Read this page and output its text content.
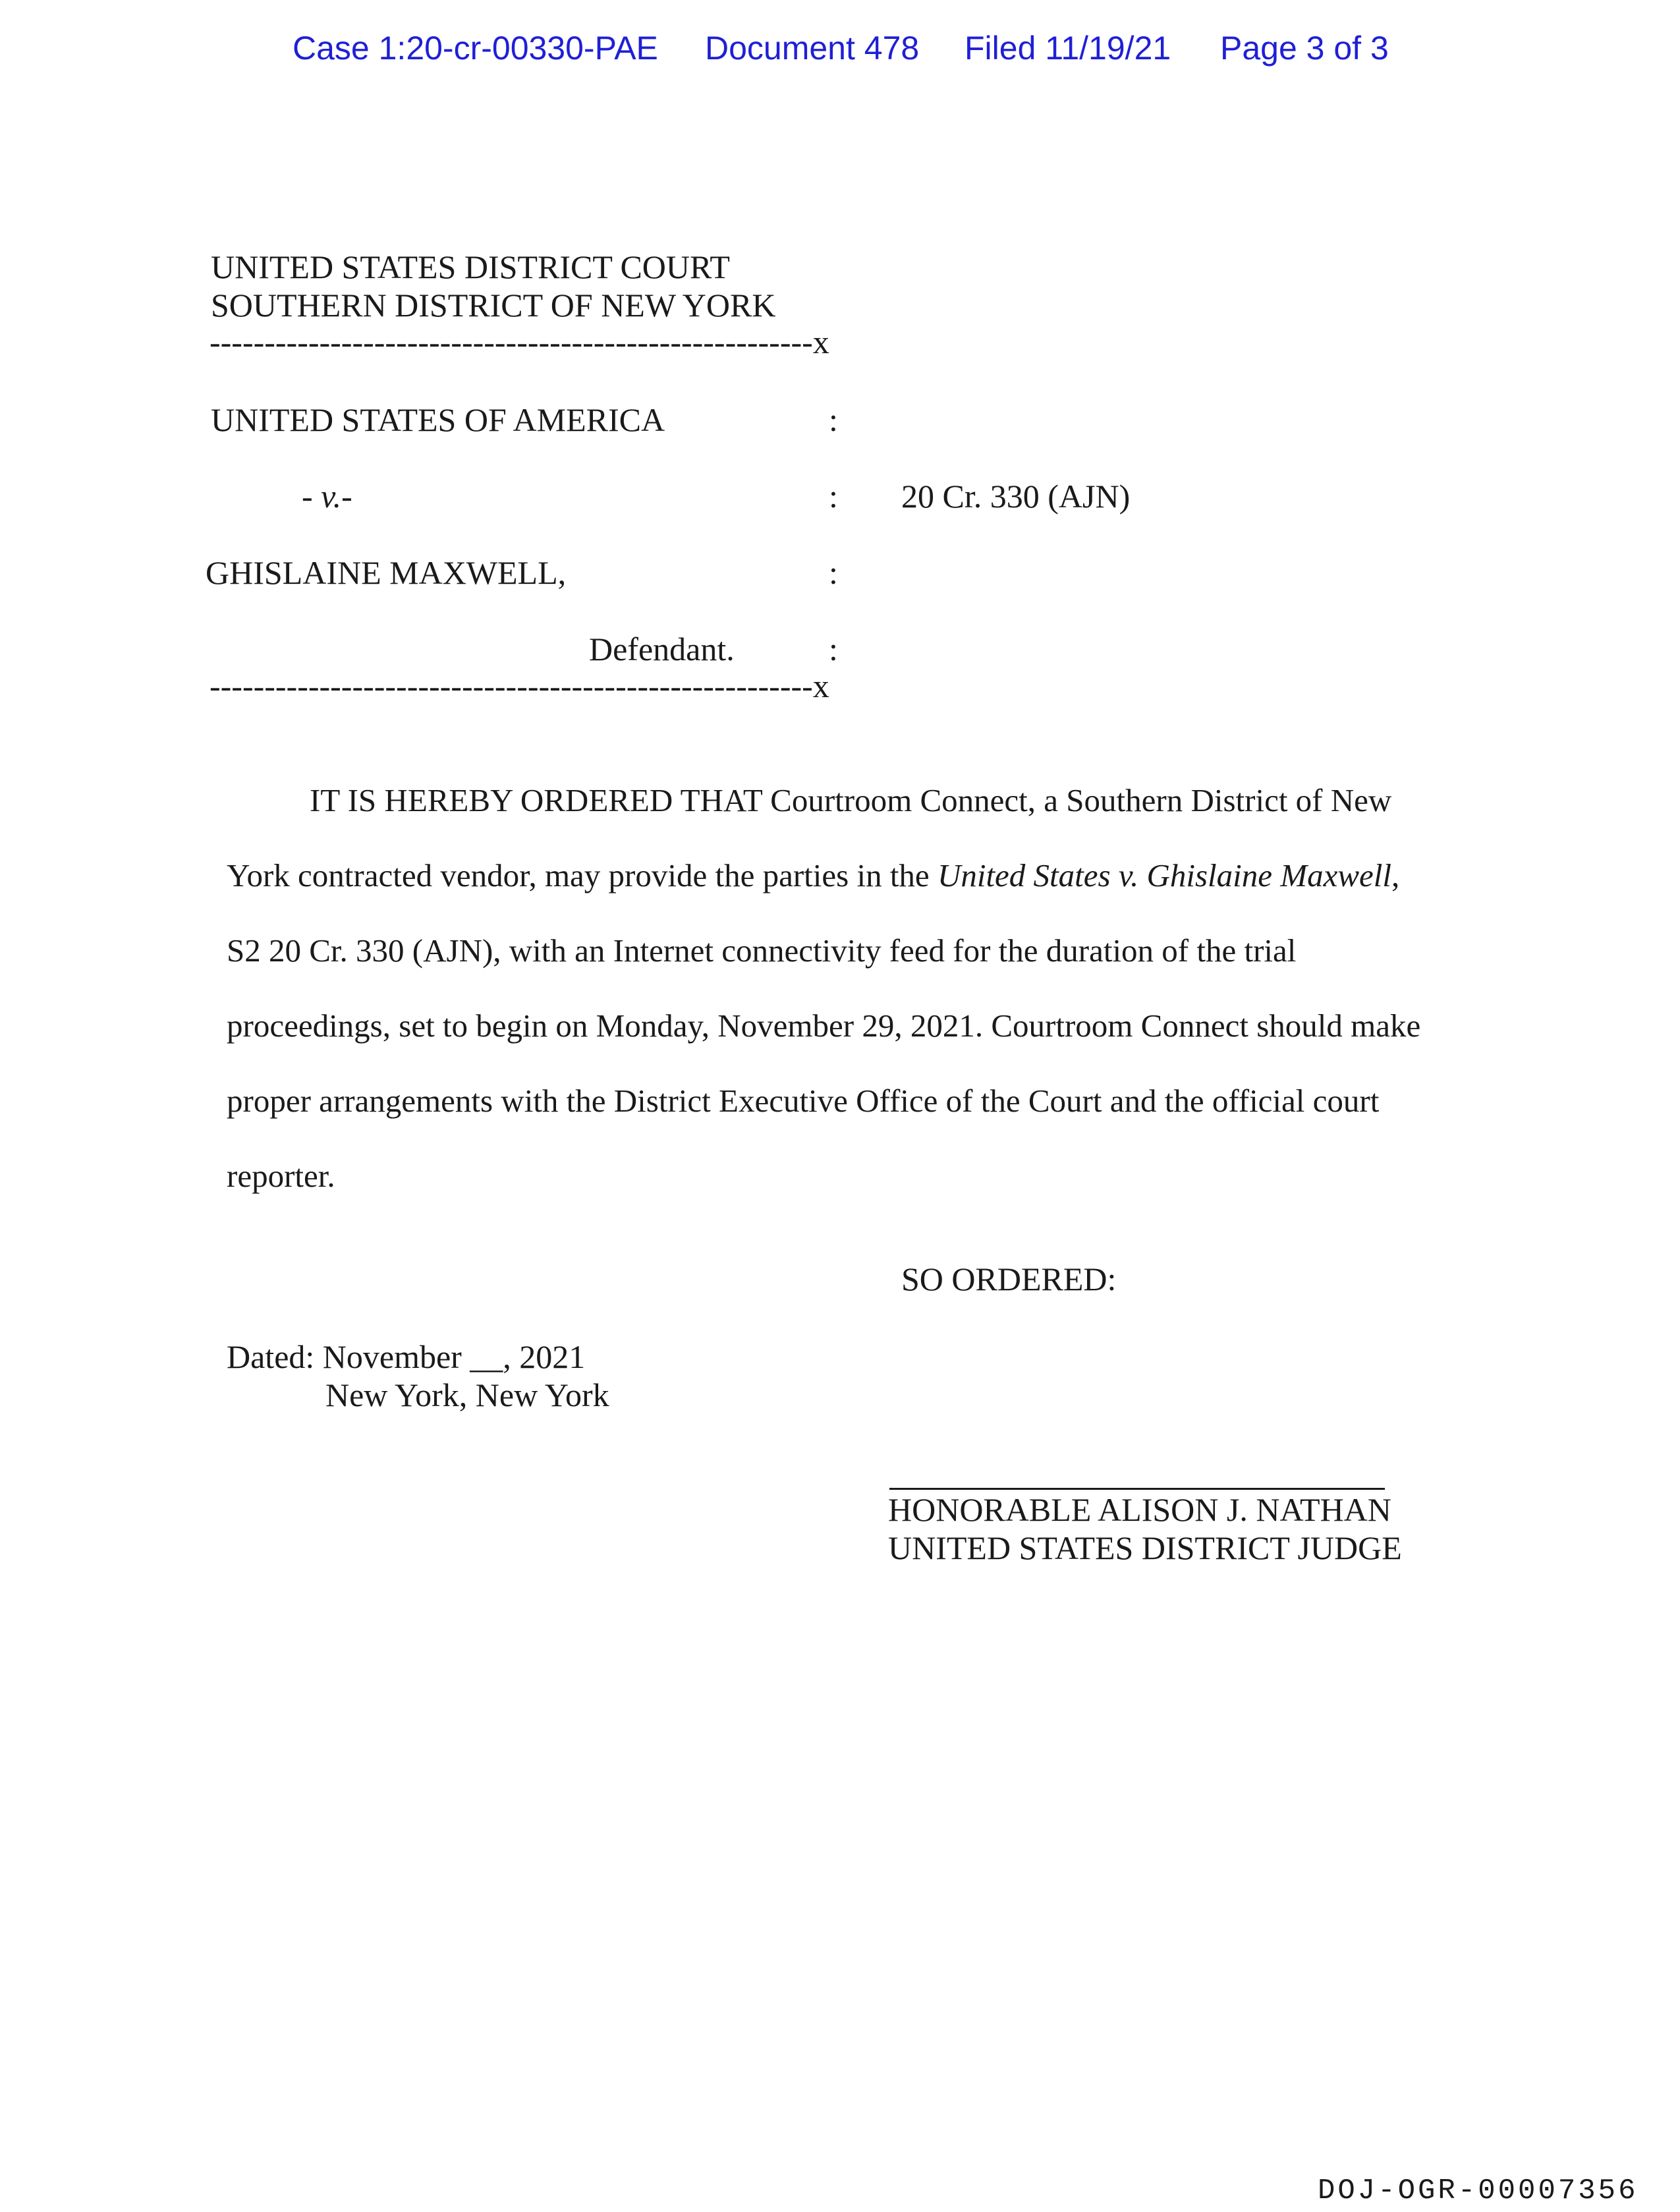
Case 1:20-cr-00330-PAE Document 478 Filed 11/19/21 Page 3 of 3
UNITED STATES DISTRICT COURT
SOUTHERN DISTRICT OF NEW YORK
-------------------------------------------------------x
UNITED STATES OF AMERICA	:
- v.-	: 20 Cr. 330 (AJN)
GHISLAINE MAXWELL,	:
Defendant.	:
-------------------------------------------------------x
IT IS HEREBY ORDERED THAT Courtroom Connect, a Southern District of New
York contracted vendor, may provide the parties in the United States v. Ghislaine Maxwell,
S2 20 Cr. 330 (AJN), with an Internet connectivity feed for the duration of the trial
proceedings, set to begin on Monday, November 29, 2021. Courtroom Connect should make
proper arrangements with the District Executive Office of the Court and the official court
reporter.
SO ORDERED:
Dated: November __, 2021
New York, New York
HONORABLE ALISON J. NATHAN
UNITED STATES DISTRICT JUDGE
DOJ-OGR-00007356
